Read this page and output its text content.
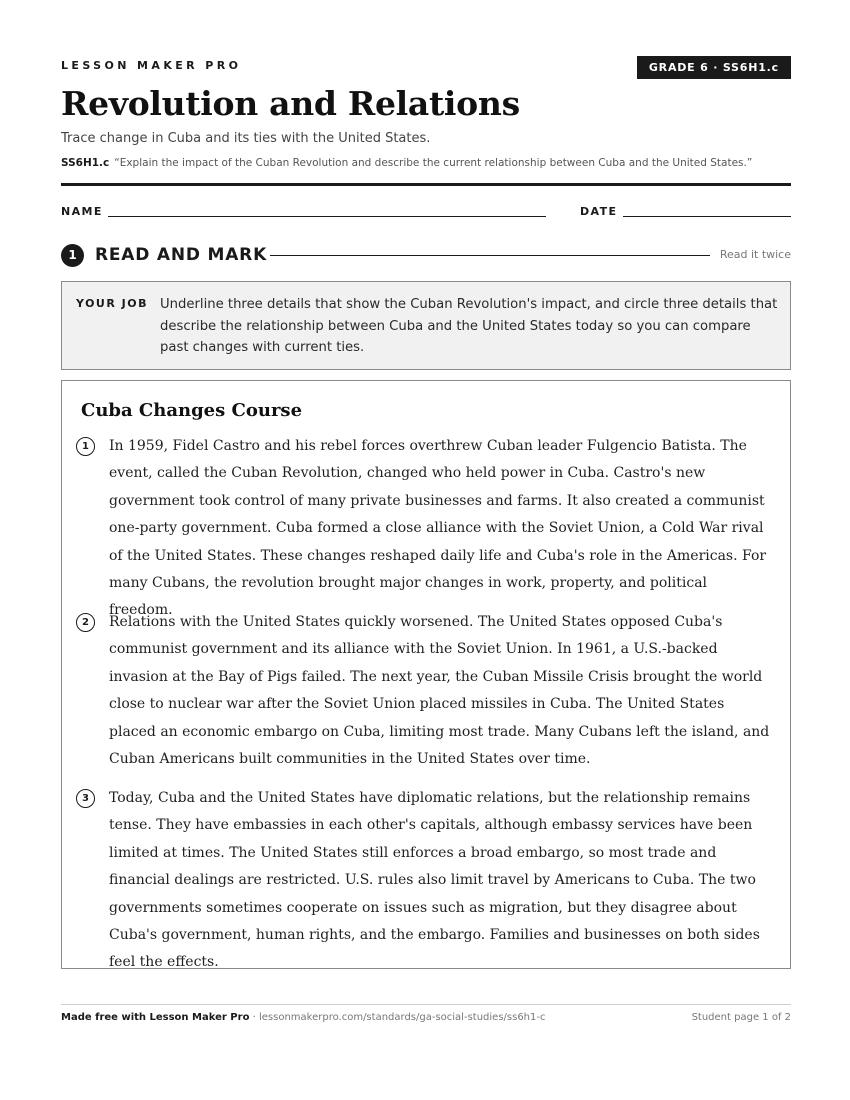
LESSON MAKER PRO	GRADE 6 · SS6H1.c
Revolution and Relations
Trace change in Cuba and its ties with the United States.
SS6H1.c “Explain the impact of the Cuban Revolution and describe the current relationship between Cuba and the United States.”
NAME	DATE
1	READ AND MARK	Read it twice
YOUR JOB Underline three details that show the Cuban Revolution's impact, and circle three details that describe the relationship between Cuba and the United States today so you can compare past changes with current ties.
Cuba Changes Course
1	In 1959, Fidel Castro and his rebel forces overthrew Cuban leader Fulgencio Batista. The event, called the Cuban Revolution, changed who held power in Cuba. Castro's new government took control of many private businesses and farms. It also created a communist one-party government. Cuba formed a close alliance with the Soviet Union, a Cold War rival of the United States. These changes reshaped daily life and Cuba's role in the Americas. For many Cubans, the revolution brought major changes in work, property, and political freedom.
2	Relations with the United States quickly worsened. The United States opposed Cuba's communist government and its alliance with the Soviet Union. In 1961, a U.S.-backed invasion at the Bay of Pigs failed. The next year, the Cuban Missile Crisis brought the world close to nuclear war after the Soviet Union placed missiles in Cuba. The United States placed an economic embargo on Cuba, limiting most trade. Many Cubans left the island, and Cuban Americans built communities in the United States over time.
3	Today, Cuba and the United States have diplomatic relations, but the relationship remains tense. They have embassies in each other's capitals, although embassy services have been limited at times. The United States still enforces a broad embargo, so most trade and financial dealings are restricted. U.S. rules also limit travel by Americans to Cuba. The two governments sometimes cooperate on issues such as migration, but they disagree about Cuba's government, human rights, and the embargo. Families and businesses on both sides feel the effects.
Made free with Lesson Maker Pro · lessonmakerpro.com/standards/ga-social-studies/ss6h1-c	Student page 1 of 2
